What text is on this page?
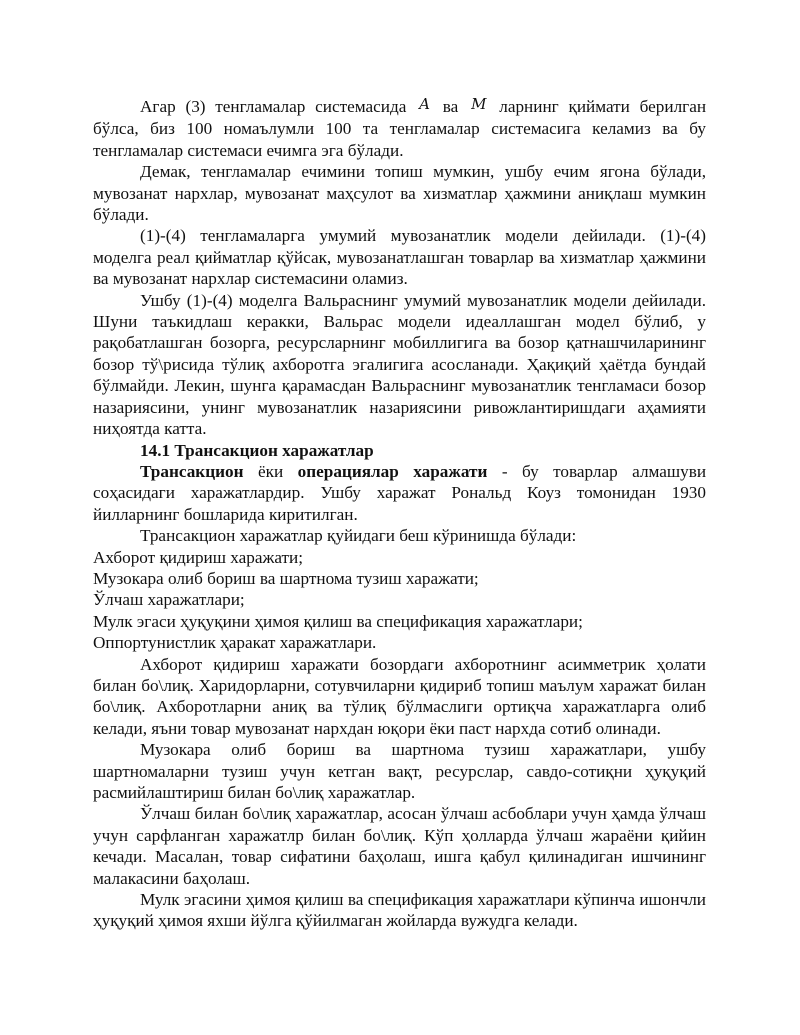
Агар (3) тенгламалар системасида A ва M ларнинг қиймати берилган бўлса, биз 100 номаълумли 100 та тенгламалар системасига келамиз ва бу тенгламалар системаси ечимга эга бўлади.

Демак, тенгламалар ечимини топиш мумкин, ушбу ечим ягона бўлади, мувозанат нархлар, мувозанат маҳсулот ва хизматлар ҳажмини аниқлаш мумкин бўлади.

(1)-(4) тенгламаларга умумий мувозанатлик модели дейилади. (1)-(4) моделга реал қийматлар қўйсак, мувозанатлашган товарлар ва хизматлар ҳажмини ва мувозанат нархлар системасини оламиз.

Ушбу (1)-(4) моделга Вальраснинг умумий мувозанатлик модели дейилади. Шуни таъкидлаш керакки, Вальрас модели идеаллашган модел бўлиб, у рақобатлашган бозорга, ресурсларнинг мобиллигига ва бозор қатнашчиларининг бозор тў\рисида тўлиқ ахборотга эгалигига асосланади. Ҳақиқий ҳаётда бундай бўлмайди. Лекин, шунга қарамасдан Вальраснинг мувозанатлик тенгламаси бозор назариясини, унинг мувозанатлик назариясини ривожлантиришдаги аҳамияти ниҳоятда катта.

14.1 Трансакцион харажатлар

Трансакцион ёки операциялар харажати - бу товарлар алмашуви соҳасидаги харажатлардир. Ушбу харажат Рональд Коуз томонидан 1930 йилларнинг бошларида киритилган.

Трансакцион харажатлар қуйидаги беш кўринишда бўлади:

Ахборот қидириш харажати;

Музокара олиб бориш ва шартнома тузиш харажати;

Ўлчаш харажатлари;

Мулк эгаси ҳуқуқини ҳимоя қилиш ва спецификация харажатлари;

Оппортунистлик ҳаракат харажатлари.

Ахборот қидириш харажати бозордаги ахборотнинг асимметрик ҳолати билан бо\лиқ. Харидорларни, сотувчиларни қидириб топиш маълум харажат билан бо\лиқ. Ахборотларни аниқ ва тўлиқ бўлмаслиги ортиқча харажатларга олиб келади, яъни товар мувозанат нархдан юқори ёки паст нархда сотиб олинади.

Музокара олиб бориш ва шартнома тузиш харажатлари, ушбу шартномаларни тузиш учун кетган вақт, ресурслар, савдо-сотиқни ҳуқуқий расмийлаштириш билан бо\лиқ харажатлар.

Ўлчаш билан бо\лиқ харажатлар, асосан ўлчаш асбоблари учун ҳамда ўлчаш учун сарфланган харажатлр билан бо\лиқ. Кўп ҳолларда ўлчаш жараёни қийин кечади. Масалан, товар сифатини баҳолаш, ишга қабул қилинадиган ишчининг малакасини баҳолаш.

Мулк эгасини ҳимоя қилиш ва спецификация харажатлари кўпинча ишончли ҳуқуқий ҳимоя яхши йўлга қўйилмаган жойларда вужудга келади.
